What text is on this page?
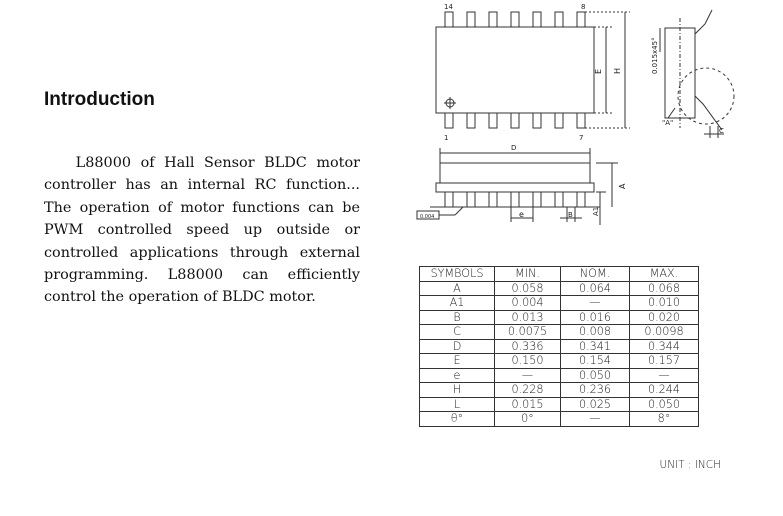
Introduction

L88000 of Hall Sensor BLDC motor controller has an internal RC function... The operation of motor functions can be PWM controlled speed up outside or controlled applications through external programming. L88000 can efficiently control the operation of BLDC motor.

14	8
1	7
E H
D
A
A1
e	B
C
0.015x45°
"A"
0.004
SYMBOLS	MIN.	NOM.	MAX.
A	0.058	0.064	0.068
A1	0.004	—	0.010
B	0.013	0.016	0.020
C	0.0075	0.008	0.0098
D	0.336	0.341	0.344
E	0.150	0.154	0.157
e	—	0.050	—
H	0.228	0.236	0.244
L	0.015	0.025	0.050
θ°	0°	—	8°

UNIT : INCH
